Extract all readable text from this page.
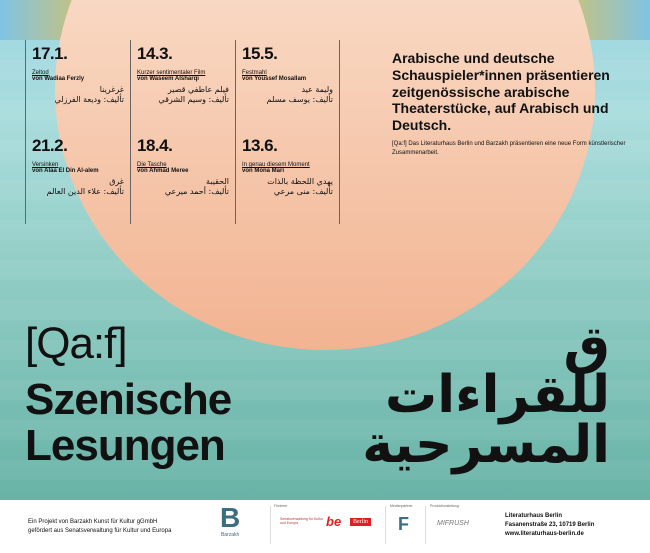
17.1.
Zeltod
von Wadiaa Ferzly
غرغرينا
تأليف: وديعة الفرزلي
14.3.
Kurzer sentimentaler Film
von Waseem Alsharqi
فيلم عاطفي قصير
تأليف: وسيم الشرقي
15.5.
Festmahl
von Youssef Mosallam
وليمة عيد
تأليف: يوسف مسلم
21.2.
Versinken
von Alaa El Din Al-alem
غرق
تأليف: علاء الدين العالم
18.4.
Die Tasche
von Ahmad Meree
الحقيبة
تأليف: أحمد ميرعي
13.6.
In genau diesem Moment
von Mona Mari
يهدي اللحظة بالذات
تأليف: منى مرعي
Arabische und deutsche Schauspieler*innen präsentieren zeitgenössische arabische Theaterstücke, auf Arabisch und Deutsch.
[Qa:f] Das Literaturhaus Berlin und Barzakh präsentieren eine neue Form künstlerischer Zusammenarbeit.
[Qa:f]
Szenische
Lesungen
ق
للقراءات
المسرحية
Ein Projekt von Barzakh Kunst für Kultur gGmbH
gefördert aus Senatsverwaltung für Kultur und Europa B
Barzakh
Förderer
Senatsverwaltung für Kultur und Europa	be	Berlin
Medienpartner
F
Produktionsleitung
MIFRUSH
Literaturhaus Berlin
Fasanenstraße 23, 10719 Berlin
www.literaturhaus-berlin.de
